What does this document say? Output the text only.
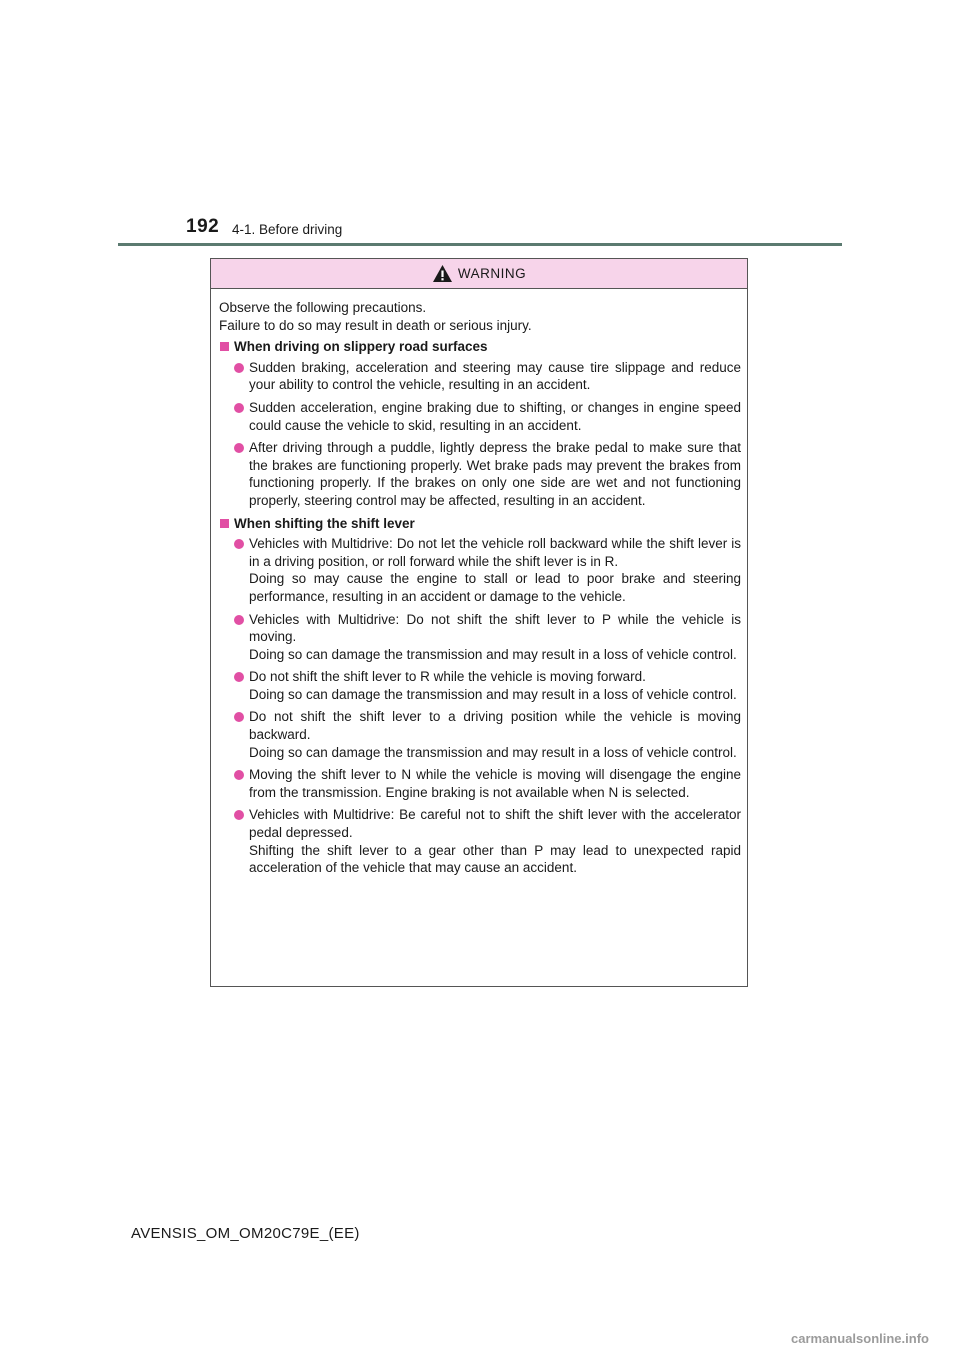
192 4-1. Before driving
WARNING
Observe the following precautions.
Failure to do so may result in death or serious injury.
When driving on slippery road surfaces

Sudden braking, acceleration and steering may cause tire slippage and reduce your ability to control the vehicle, resulting in an accident.

Sudden acceleration, engine braking due to shifting, or changes in engine speed could cause the vehicle to skid, resulting in an accident.

After driving through a puddle, lightly depress the brake pedal to make sure that the brakes are functioning properly. Wet brake pads may prevent the brakes from functioning properly. If the brakes on only one side are wet and not functioning properly, steering control may be affected, resulting in an accident.

When shifting the shift lever

Vehicles with Multidrive: Do not let the vehicle roll backward while the shift lever is in a driving position, or roll forward while the shift lever is in R.

Doing so may cause the engine to stall or lead to poor brake and steering performance, resulting in an accident or damage to the vehicle.

Vehicles with Multidrive: Do not shift the shift lever to P while the vehicle is moving.

Doing so can damage the transmission and may result in a loss of vehicle control.

Do not shift the shift lever to R while the vehicle is moving forward.

Doing so can damage the transmission and may result in a loss of vehicle control.

Do not shift the shift lever to a driving position while the vehicle is moving backward.

Doing so can damage the transmission and may result in a loss of vehicle control.

Moving the shift lever to N while the vehicle is moving will disengage the engine from the transmission. Engine braking is not available when N is selected.

Vehicles with Multidrive: Be careful not to shift the shift lever with the accelerator pedal depressed.

Shifting the shift lever to a gear other than P may lead to unexpected rapid acceleration of the vehicle that may cause an accident.

AVENSIS_OM_OM20C79E_(EE)
carmanualsonline.info
